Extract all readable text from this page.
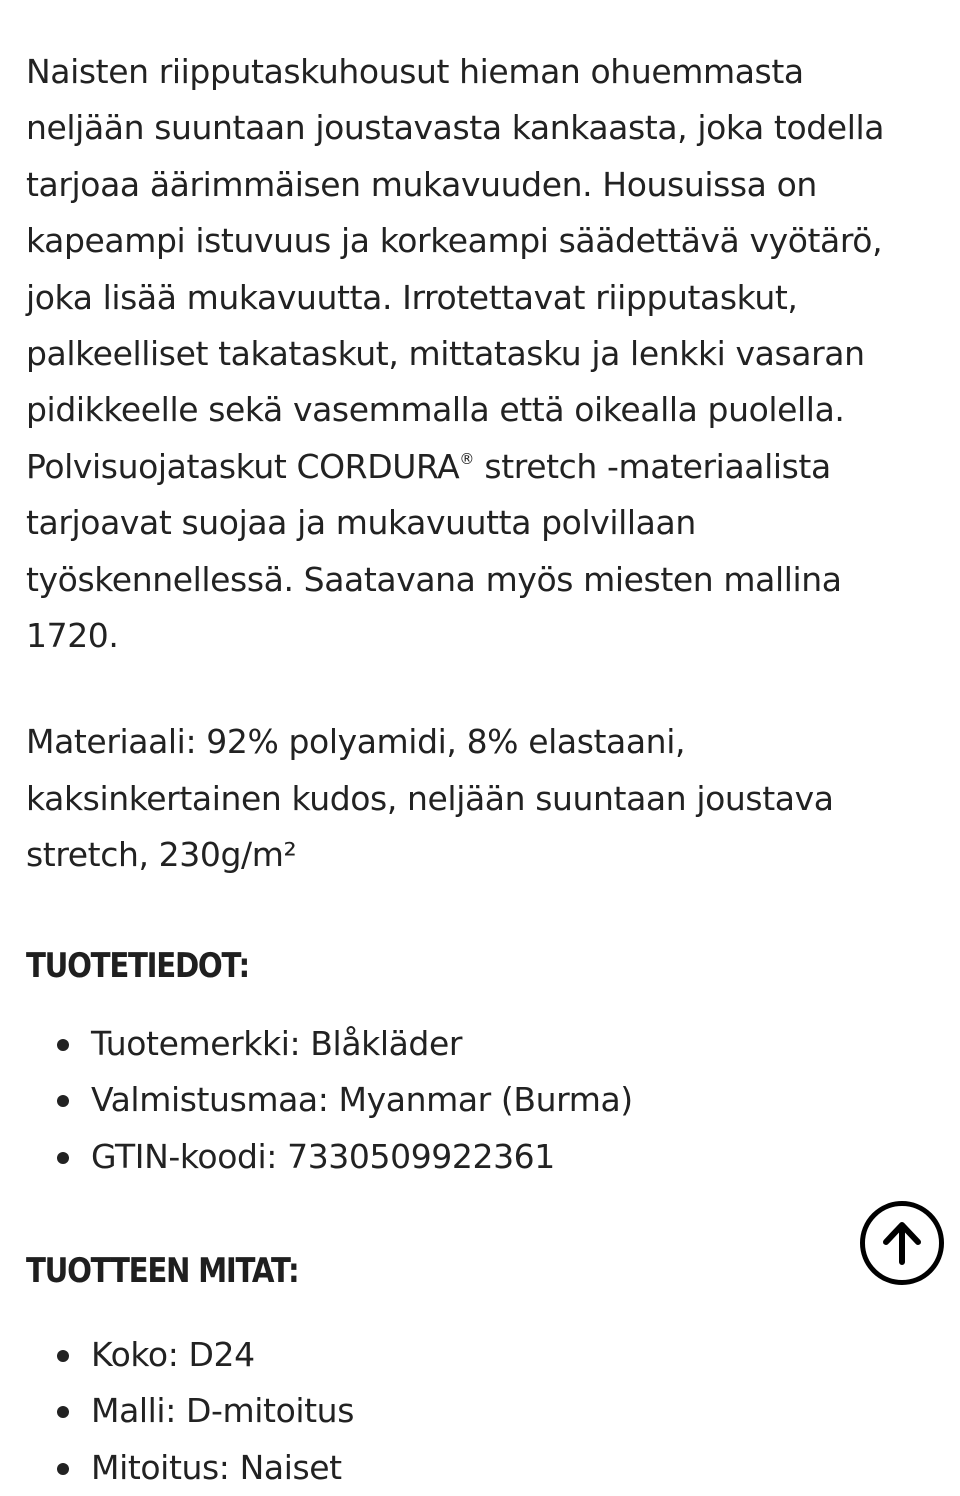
Naisten riipputaskuhousut hieman ohuemmasta
neljään suuntaan joustavasta kankaasta, joka todella
tarjoaa äärimmäisen mukavuuden. Housuissa on
kapeampi istuvuus ja korkeampi säädettävä vyötärö,
joka lisää mukavuutta. Irrotettavat riipputaskut,
palkeelliset takataskut, mittatasku ja lenkki vasaran
pidikkeelle sekä vasemmalla että oikealla puolella.
Polvisuojataskut CORDURA® stretch -materiaalista
tarjoavat suojaa ja mukavuutta polvillaan
työskennellessä. Saatavana myös miesten mallina
1720.

Materiaali: 92% polyamidi, 8% elastaani,
kaksinkertainen kudos, neljään suuntaan joustava
stretch, 230g/m²

TUOTETIEDOT:
Tuotemerkki: Blåkläder
Valmistusmaa: Myanmar (Burma)
GTIN-koodi: 7330509922361
TUOTTEEN MITAT:
Koko: D24
Malli: D-mitoitus
Mitoitus: Naiset
